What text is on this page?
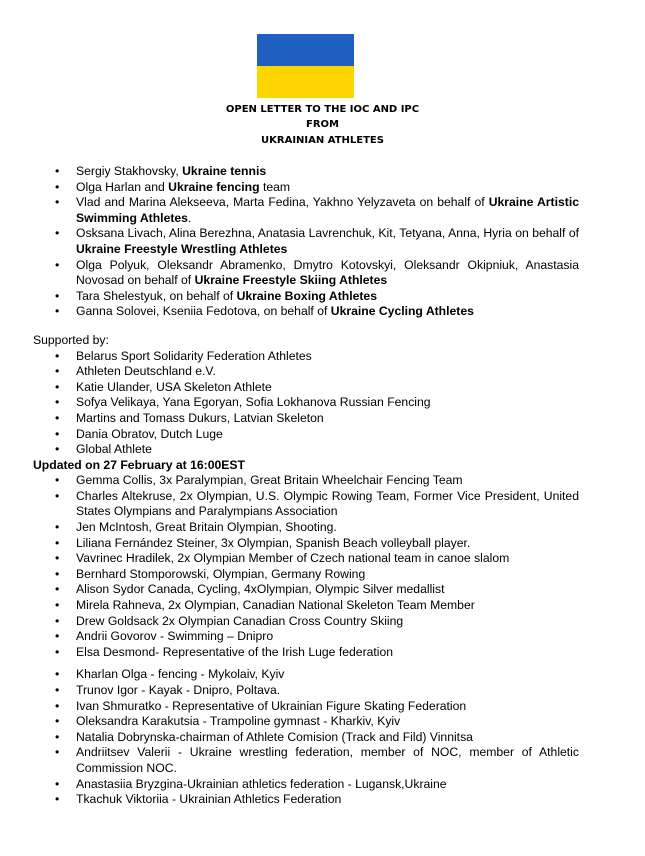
OPEN LETTER TO THE IOC AND IPC
FROM
UKRAINIAN ATHLETES
• Sergiy Stakhovsky, Ukraine tennis
• Olga Harlan and Ukraine fencing team
• Vlad and Marina Alekseeva, Marta Fedina, Yakhno Yelyzaveta on behalf of Ukraine Artistic Swimming Athletes.
• Osksana Livach, Alina Berezhna, Anatasia Lavrenchuk, Kit, Tetyana, Anna, Hyria on behalf of Ukraine Freestyle Wrestling Athletes
• Olga Polyuk, Oleksandr Abramenko, Dmytro Kotovskyi, Oleksandr Okipniuk, Anastasia Novosad on behalf of Ukraine Freestyle Skiing Athletes
• Tara Shelestyuk, on behalf of Ukraine Boxing Athletes
• Ganna Solovei, Kseniia Fedotova, on behalf of Ukraine Cycling Athletes
Supported by:
• Belarus Sport Solidarity Federation Athletes
• Athleten Deutschland e.V.
• Katie Ulander, USA Skeleton Athlete
• Sofya Velikaya, Yana Egoryan, Sofia Lokhanova Russian Fencing
• Martins and Tomass Dukurs, Latvian Skeleton
• Dania Obratov, Dutch Luge
• Global Athlete
Updated on 27 February at 16:00EST
• Gemma Collis, 3x Paralympian, Great Britain Wheelchair Fencing Team
• Charles Altekruse, 2x Olympian, U.S. Olympic Rowing Team, Former Vice President, United States Olympians and Paralympians Association
• Jen McIntosh, Great Britain Olympian, Shooting.
• Liliana Fernández Steiner, 3x Olympian, Spanish Beach volleyball player.
• Vavrinec Hradilek, 2x Olympian Member of Czech national team in canoe slalom
• Bernhard Stomporowski, Olympian, Germany Rowing
• Alison Sydor Canada, Cycling, 4xOlympian, Olympic Silver medallist
• Mirela Rahneva, 2x Olympian, Canadian National Skeleton Team Member
• Drew Goldsack 2x Olympian Canadian Cross Country Skiing
• Andrii Govorov - Swimming – Dnipro
• Elsa Desmond- Representative of the Irish Luge federation
• Kharlan Olga - fencing - Mykolaiv, Kyiv
• Trunov Igor - Kayak - Dnipro, Poltava.
• Ivan Shmuratko - Representative of Ukrainian Figure Skating Federation
• Oleksandra Karakutsia - Trampoline gymnast - Kharkiv, Kyiv
• Natalia Dobrynska-chairman of Athlete Comision (Track and Fild) Vinnitsa
• Andriitsev Valerii - Ukraine wrestling federation, member of NOC, member of Athletic Commission NOC.
• Anastasiia Bryzgina-Ukrainian athletics federation - Lugansk,Ukraine
• Tkachuk Viktoriia - Ukrainian Athletics Federation
